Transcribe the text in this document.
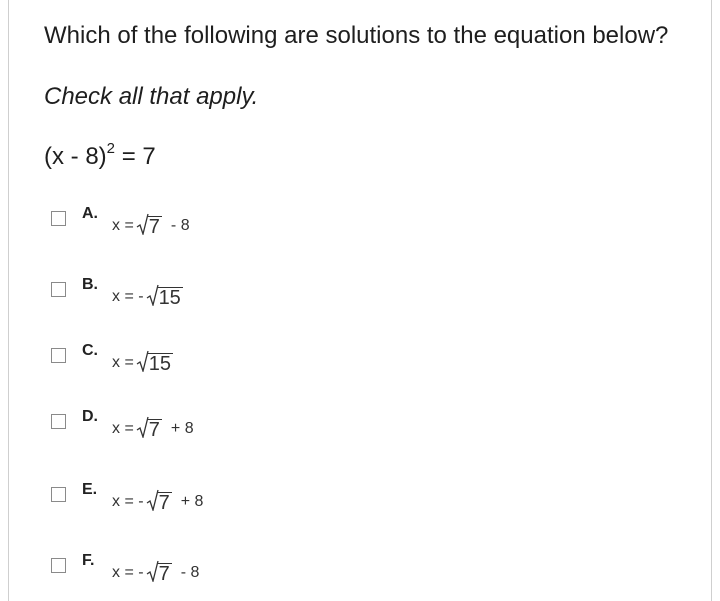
Which of the following are solutions to the equation below?
Check all that apply.
(x - 8)$^2$ = 7
A.
x = 7 - 8
B.
x = - 15
C.
x = 15
D.
x = 7 + 8
E.
x = - 7 + 8
F.
x = - 7 - 8
